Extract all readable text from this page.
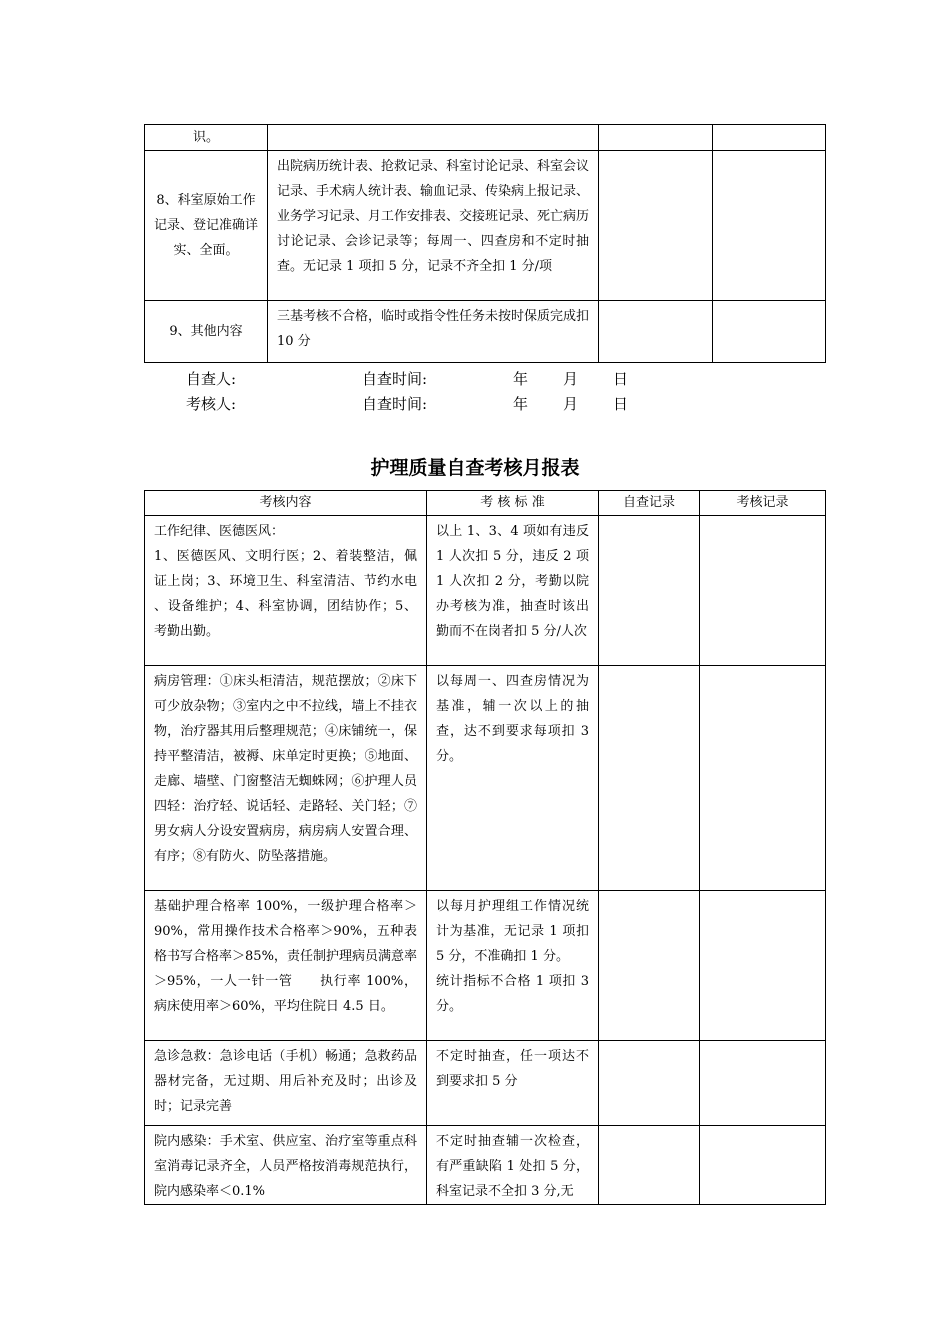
识。			

8、科室原始工作记录、登记准确详实、全面。	出院病历统计表、抢救记录、科室讨论记录、科室会议记录、手术病人统计表、输血记录、传染病上报记录、业务学习记录、月工作安排表、交接班记录、死亡病历讨论记录、会诊记录等；每周一、四查房和不定时抽查。无记录 1 项扣 5 分，记录不齐全扣 1 分/项		

9、其他内容	三基考核不合格，临时或指令性任务未按时保质完成扣 10 分		

自查人:	自查时间:	年 月 日
考核人:	自查时间:	年 月 日
护理质量自查考核月报表
考核内容	考 核 标 准	自查记录	考核记录

工作纪律、医德医风：
1、医德医风、文明行医；2、着装整洁，佩证上岗；3、环境卫生、科室清洁、节约水电 、设备维护；4、科室协调，团结协作；5、考勤出勤。	以上 1、3、4 项如有违反 1 人次扣 5 分，违反 2 项 1 人次扣 2 分，考勤以院办考核为准，抽查时该出勤而不在岗者扣 5 分/人次		

病房管理：①床头柜清洁，规范摆放；②床下可少放杂物；③室内之中不拉线，墙上不挂衣物，治疗器其用后整理规范；④床铺统一，保持平整清洁，被褥、床单定时更换；⑤地面、走廊、墙壁、门窗整洁无蜘蛛网；⑥护理人员四轻：治疗轻、说话轻、走路轻、关门轻；⑦男女病人分设安置病房，病房病人安置合理、有序；⑧有防火、防坠落措施。	以每周一、四查房情况为基准，辅一次以上的抽查，达不到要求每项扣 3 分。		

基础护理合格率 100%，一级护理合格率＞90%，常用操作技术合格率＞90%，五种表格书写合格率＞85%，责任制护理病员满意率＞95%，一人一针一管　　执行率 100%，病床使用率＞60%，平均住院日 4.5 日。	以每月护理组工作情况统计为基准，无记录 1 项扣 5 分，不准确扣 1 分。
统计指标不合格 1 项扣 3 分。		

急诊急救：急诊电话（手机）畅通；急救药品器材完备，无过期、用后补充及时；出诊及时；记录完善	不定时抽查，任一项达不到要求扣 5 分		

院内感染：手术室、供应室、治疗室等重点科室消毒记录齐全，人员严格按消毒规范执行，院内感染率＜0.1%	不定时抽查辅一次检查，有严重缺陷 1 处扣 5 分，科室记录不全扣 3 分,无		
